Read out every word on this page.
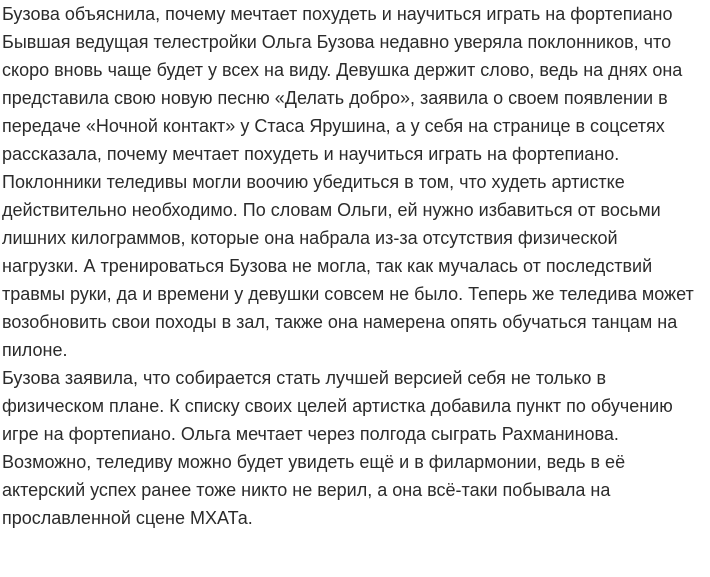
Бузова объяснила, почему мечтает похудеть и научиться играть на фортепиано

Бывшая ведущая телестройки Ольга Бузова недавно уверяла поклонников, что
скоро вновь чаще будет у всех на виду. Девушка держит слово, ведь на днях она
представила свою новую песню «Делать добро», заявила о своем появлении в
передаче «Ночной контакт» у Стаса Ярушина, а у себя на странице в соцсетях
рассказала, почему мечтает похудеть и научиться играть на фортепиано.

Поклонники теледивы могли воочию убедиться в том, что худеть артистке
действительно необходимо. По словам Ольги, ей нужно избавиться от восьми
лишних килограммов, которые она набрала из-за отсутствия физической
нагрузки. А тренироваться Бузова не могла, так как мучалась от последствий
травмы руки, да и времени у девушки совсем не было. Теперь же теледива может
возобновить свои походы в зал, также она намерена опять обучаться танцам на
пилоне.

Бузова заявила, что собирается стать лучшей версией себя не только в
физическом плане. К списку своих целей артистка добавила пункт по обучению
игре на фортепиано. Ольга мечтает через полгода сыграть Рахманинова.
Возможно, теледиву можно будет увидеть ещё и в филармонии, ведь в её
актерский успех ранее тоже никто не верил, а она всё-таки побывала на
прославленной сцене МХАТа.
